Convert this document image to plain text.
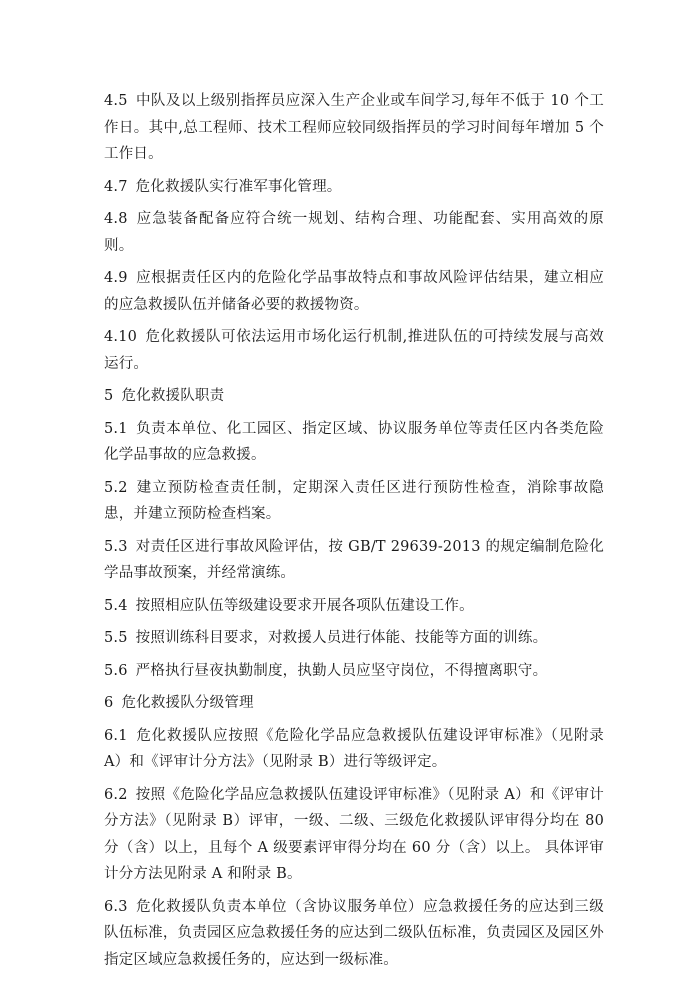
4.5 中队及以上级别指挥员应深入生产企业或车间学习,每年不低于 10 个工作日。其中,总工程师、技术工程师应较同级指挥员的学习时间每年增加 5 个工作日。

4.7 危化救援队实行准军事化管理。

4.8 应急装备配备应符合统一规划、结构合理、功能配套、实用高效的原则。

4.9 应根据责任区内的危险化学品事故特点和事故风险评估结果，建立相应的应急救援队伍并储备必要的救援物资。

4.10 危化救援队可依法运用市场化运行机制,推进队伍的可持续发展与高效运行。

5 危化救援队职责

5.1 负责本单位、化工园区、指定区域、协议服务单位等责任区内各类危险化学品事故的应急救援。

5.2 建立预防检查责任制，定期深入责任区进行预防性检查，消除事故隐患，并建立预防检查档案。

5.3 对责任区进行事故风险评估，按 GB/T 29639-2013 的规定编制危险化学品事故预案，并经常演练。

5.4 按照相应队伍等级建设要求开展各项队伍建设工作。

5.5 按照训练科目要求，对救援人员进行体能、技能等方面的训练。

5.6 严格执行昼夜执勤制度，执勤人员应坚守岗位，不得擅离职守。

6 危化救援队分级管理

6.1 危化救援队应按照《危险化学品应急救援队伍建设评审标准》（见附录 A）和《评审计分方法》（见附录 B）进行等级评定。

6.2 按照《危险化学品应急救援队伍建设评审标准》（见附录 A）和《评审计分方法》（见附录 B）评审，一级、二级、三级危化救援队评审得分均在 80 分（含）以上，且每个 A 级要素评审得分均在 60 分（含）以上。 具体评审计分方法见附录 A 和附录 B。

6.3 危化救援队负责本单位（含协议服务单位）应急救援任务的应达到三级队伍标准，负责园区应急救援任务的应达到二级队伍标准，负责园区及园区外指定区域应急救援任务的，应达到一级标准。
